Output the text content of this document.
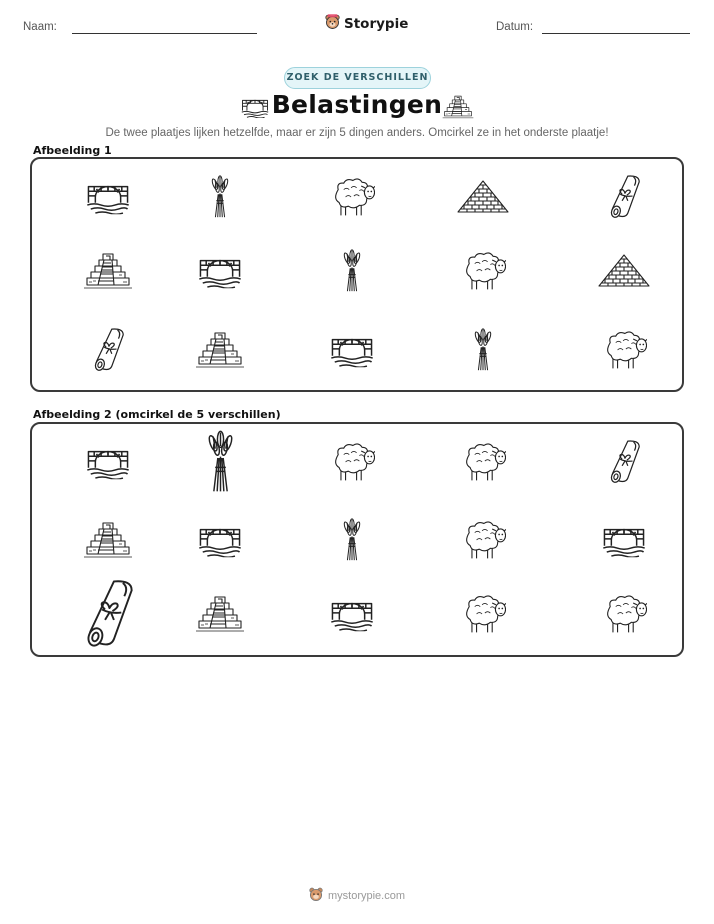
Naam:	Storypie	Datum:
ZOEK DE VERSCHILLEN
Belastingen
De twee plaatjes lijken hetzelfde, maar er zijn 5 dingen anders. Omcirkel ze in het onderste plaatje!
Afbeelding 1
Afbeelding 2 (omcirkel de 5 verschillen)
mystorypie.com
